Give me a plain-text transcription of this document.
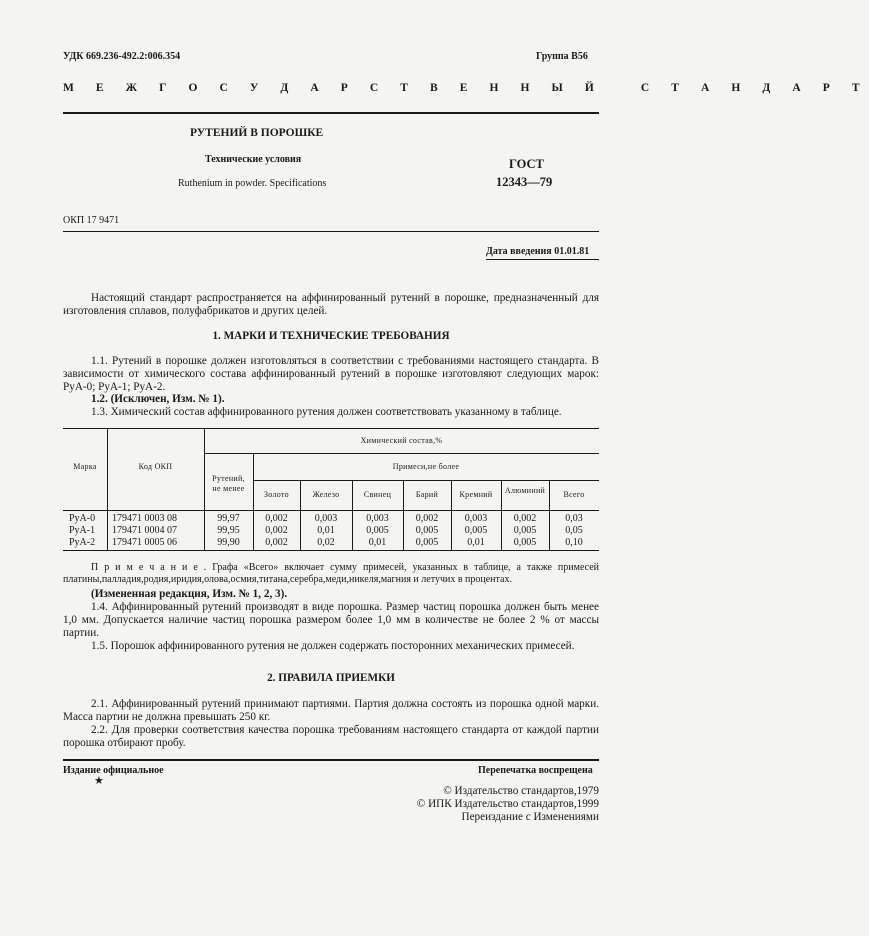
УДК 669.236-492.2:006.354	Группа В56
М Е Ж Г О С У Д А Р С Т В Е Н Н Ы Й   С Т А Н Д А Р Т
РУТЕНИЙ В ПОРОШКЕ
Технические условия
Ruthenium in powder. Specifications
ГОСТ
12343—79
ОКП 17 9471
Дата введения 01.01.81

Настоящий стандарт распространяется на аффинированный рутений в порошке, предназначенный для изготовления сплавов, полуфабрикатов и других целей.

1. МАРКИ И ТЕХНИЧЕСКИЕ ТРЕБОВАНИЯ

1.1. Рутений в порошке должен изготовляться в соответствии с требованиями настоящего стандарта. В зависимости от химического состава аффинированный рутений в порошке изготовляют следующих марок: РуА-0; РуА-1; РуА-2.

1.2. (Исключен, Изм. № 1).

1.3. Химический состав аффинированного рутения должен соответствовать указанному в таблице.

Марка	Код ОКП
Химический состав,%
Рутений,
не менее
Примеси,не более
Золото	Железо	Свинец	Барий	Кремний	Алюминий	Всего
РуА-0 179471 0003 08	99,97	0,002	0,003	0,003	0,002	0,003	0,002	0,03
РуА-1 179471 0004 07	99,95	0,002	0,01	0,005	0,005	0,005	0,005	0,05
РуА-2 179471 0005 06	99,90	0,002	0,02	0,01	0,005	0,01	0,005	0,10

П р и м е ч а н и е . Графа «Всего» включает сумму примесей, указанных в таблице, а также примесей платины,палладия,родия,иридия,олова,осмия,титана,серебра,меди,никеля,магния и летучих в процентах.

(Измененная редакция, Изм. № 1, 2, 3).

1.4. Аффинированный рутений производят в виде порошка. Размер частиц порошка должен быть менее 1,0 мм. Допускается наличие частиц порошка размером более 1,0 мм в количестве не более 2 % от массы партии.

1.5. Порошок аффинированного рутения не должен содержать посторонних механических примесей.

2. ПРАВИЛА ПРИЕМКИ

2.1. Аффинированный рутений принимают партиями. Партия должна состоять из порошка одной марки. Масса партии не должна превышать 250 кг.

2.2. Для проверки соответствия качества порошка требованиям настоящего стандарта от каждой партии порошка отбирают пробу.

Издание официальное	Перепечатка воспрещена
★
© Издательство стандартов,1979
© ИПК Издательство стандартов,1999
Переиздание с Изменениями
